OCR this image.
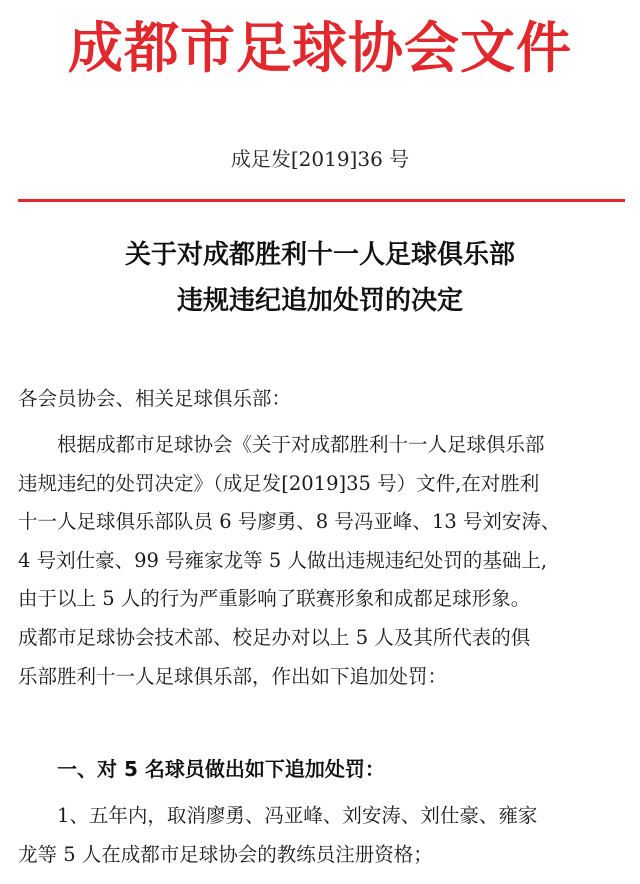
成都市足球协会文件
成足发[2019]36 号
关于对成都胜利十一人足球俱乐部
违规违纪追加处罚的决定
各会员协会、相关足球俱乐部：
根据成都市足球协会《关于对成都胜利十一人足球俱乐部
违规违纪的处罚决定》（成足发[2019]35 号）文件,在对胜利
十一人足球俱乐部队员 6 号廖勇、8 号冯亚峰、13 号刘安涛、
4 号刘仕豪、99 号雍家龙等 5 人做出违规违纪处罚的基础上,
由于以上 5 人的行为严重影响了联赛形象和成都足球形象。
成都市足球协会技术部、校足办对以上 5 人及其所代表的俱
乐部胜利十一人足球俱乐部，作出如下追加处罚：
一、对 5 名球员做出如下追加处罚：
1、五年内，取消廖勇、冯亚峰、刘安涛、刘仕豪、雍家
龙等 5 人在成都市足球协会的教练员注册资格；
